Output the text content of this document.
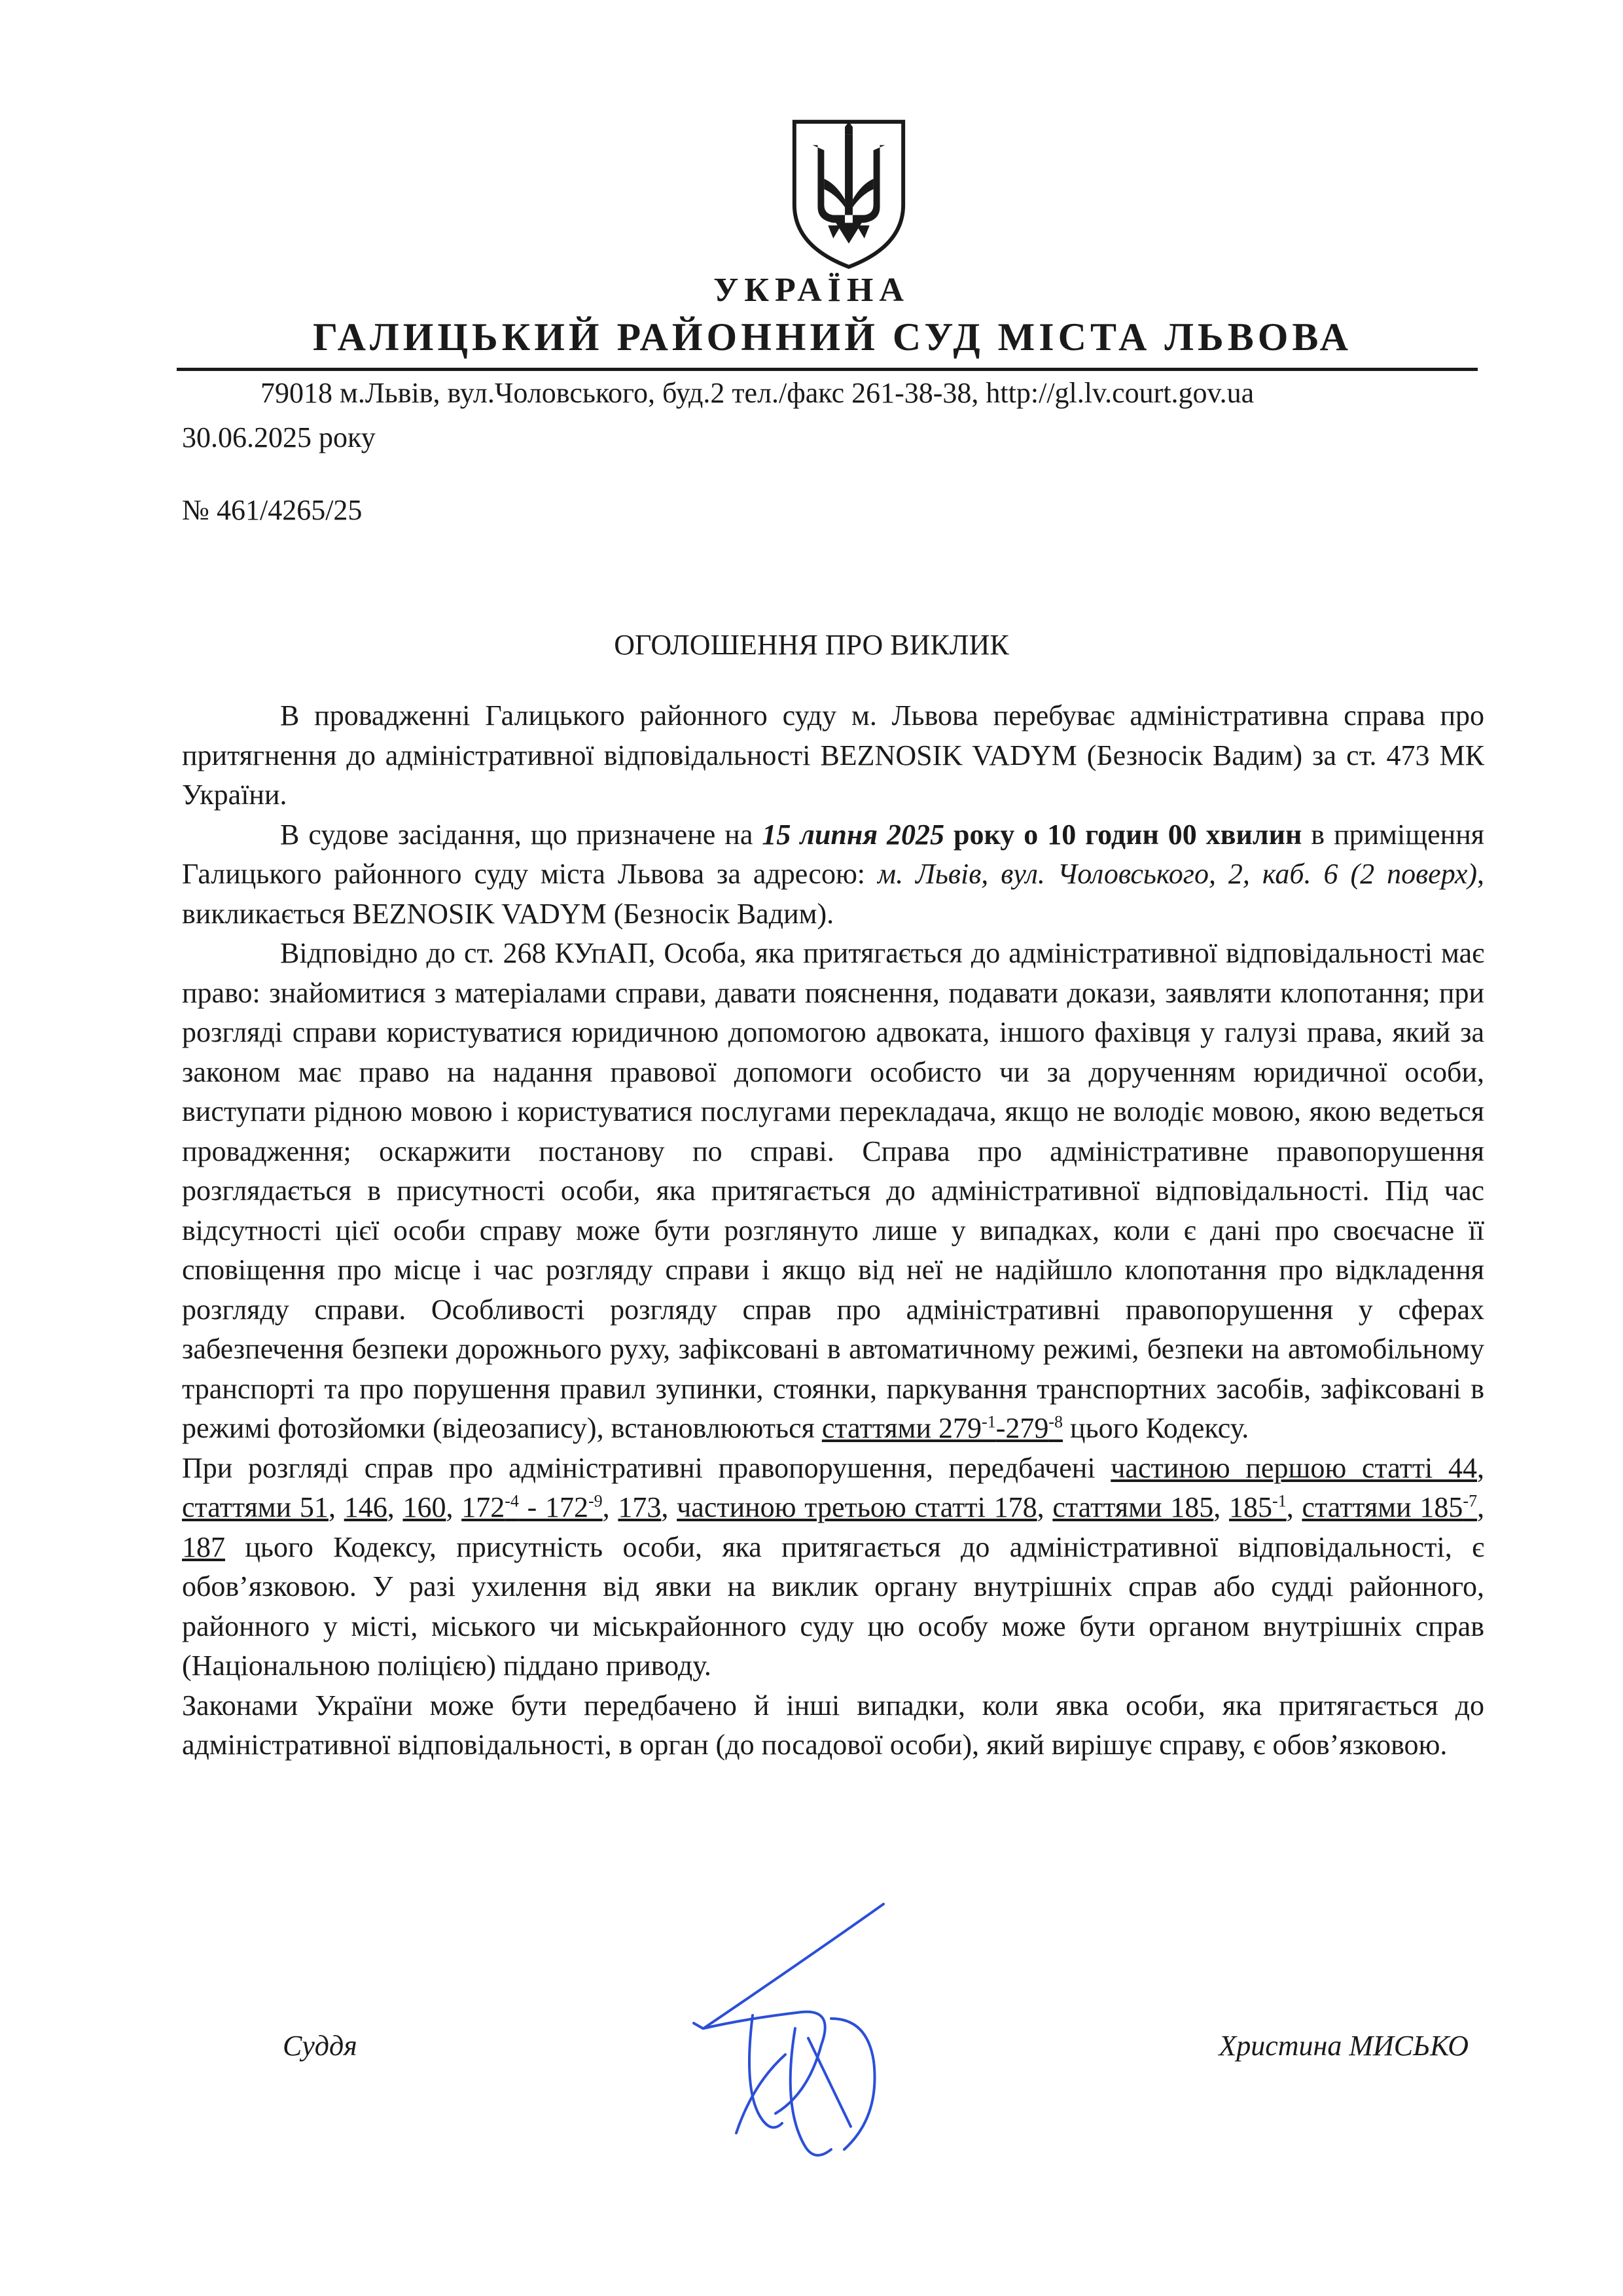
УКРАЇНА
ГАЛИЦЬКИЙ РАЙОННИЙ СУД МІСТА ЛЬВОВА
79018 м.Львів, вул.Чоловського, буд.2 тел./факс 261-38-38, http://gl.lv.court.gov.ua
30.06.2025 року
№ 461/4265/25
ОГОЛОШЕННЯ ПРО ВИКЛИК

В провадженні Галицького районного суду м. Львова перебуває адміністративна справа про притягнення до адміністративної відповідальності BEZNOSIK VADYM (Безносік Вадим) за ст. 473 МК України.

В судове засідання, що призначене на 15 липня 2025 року о 10 годин 00 хвилин в приміщення Галицького районного суду міста Львова за адресою: м. Львів, вул. Чоловського, 2, каб. 6 (2 поверх), викликається BEZNOSIK VADYM (Безносік Вадим).

Відповідно до ст. 268 КУпАП, Особа, яка притягається до адміністративної відповідальності має право: знайомитися з матеріалами справи, давати пояснення, подавати докази, заявляти клопотання; при розгляді справи користуватися юридичною допомогою адвоката, іншого фахівця у галузі права, який за законом має право на надання правової допомоги особисто чи за дорученням юридичної особи, виступати рідною мовою і користуватися послугами перекладача, якщо не володіє мовою, якою ведеться провадження; оскаржити постанову по справі. Справа про адміністративне правопорушення розглядається в присутності особи, яка притягається до адміністративної відповідальності. Під час відсутності цієї особи справу може бути розглянуто лише у випадках, коли є дані про своєчасне її сповіщення про місце і час розгляду справи і якщо від неї не надійшло клопотання про відкладення розгляду справи. Особливості розгляду справ про адміністративні правопорушення у сферах забезпечення безпеки дорожнього руху, зафіксовані в автоматичному режимі, безпеки на автомобільному транспорті та про порушення правил зупинки, стоянки, паркування транспортних засобів, зафіксовані в режимі фотозйомки (відеозапису), встановлюються статтями $279^{-1}-279^{-8}$ цього Кодексу.

При розгляді справ про адміністративні правопорушення, передбачені частиною першою статті 44, статтями 51, 146, 160, $172^{-4} - 172^{-9}$, 173, частиною третьою статті 178, статтями 185, $185^{-1}$, статтями $185^{-7}$, 187 цього Кодексу, присутність особи, яка притягається до адміністративної відповідальності, є обов’язковою. У разі ухилення від явки на виклик органу внутрішніх справ або судді районного, районного у місті, міського чи міськрайонного суду цю особу може бути органом внутрішніх справ (Національною поліцією) піддано приводу.

Законами України може бути передбачено й інші випадки, коли явка особи, яка притягається до адміністративної відповідальності, в орган (до посадової особи), який вирішує справу, є обов’язковою.

Суддя	Христина МИСЬКО
